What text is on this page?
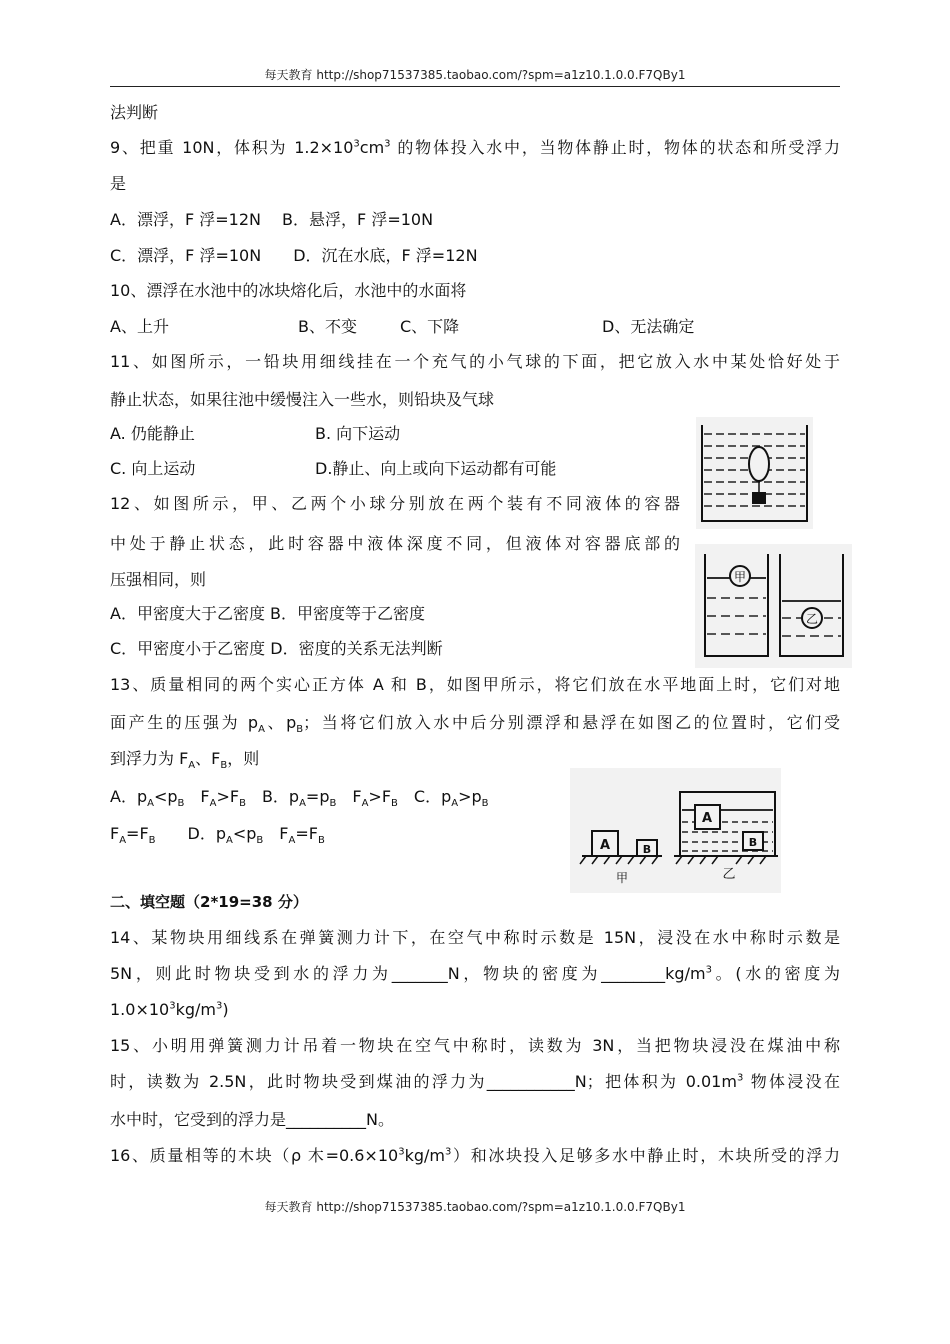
每天教育 http://shop71537385.taobao.com/?spm=a1z10.1.0.0.F7QBy1
法判断
9、把重 10N，体积为 $1.2\times 10^3cm^3$ 的物体投入水中，当物体静止时，物体的状态和所受浮力
是
A．漂浮，F 浮=12N　 B．悬浮，F 浮=10N
C．漂浮，F 浮=10N　　D．沉在水底，F 浮=12N
10、漂浮在水池中的冰块熔化后，水池中的水面将
A、上升	B、不变	C、下降	D、无法确定
11、如图所示，一铅块用细线挂在一个充气的小气球的下面，把它放入水中某处恰好处于
静止状态，如果往池中缓慢注入一些水，则铅块及气球
A. 仍能静止	B. 向下运动
C. 向上运动	D.静止、向上或向下运动都有可能
12、如图所示，甲、乙两个小球分别放在两个装有不同液体的容器
中处于静止状态，此时容器中液体深度不同，但液体对容器底部的
压强相同，则
A．甲密度大于乙密度 B．甲密度等于乙密度
C．甲密度小于乙密度 D．密度的关系无法判断
甲
乙
13、质量相同的两个实心正方体 A 和 B，如图甲所示，将它们放在水平地面上时，它们对地
面产生的压强为 $p_A$、$p_B$；当将它们放入水中后分别漂浮和悬浮在如图乙的位置时，它们受
到浮力为 $F_A$、$F_B$，则
A．$p_A<p_B$　$F_A>F_B$　B．$p_A=p_B$　$F_A>F_B$　C．$p_A>p_B$
$F_A=F_B$　　D．$p_A<p_B$　$F_A=F_B$	A	B
甲
A
B
乙
二、填空题（2*19=38 分）
14、某物块用细线系在弹簧测力计下，在空气中称时示数是 15N，浸没在水中称时示数是
5N，则此时物块受到水的浮力为_______N，物块的密度为$\_\_\_\_\_\_\_\_kg/m^3$。(水的密度为
$1.0\times 10^3kg/m^3$)
15、小明用弹簧测力计吊着一物块在空气中称时，读数为 3N，当把物块浸没在煤油中称
时，读数为 2.5N，此时物块受到煤油的浮力为___________N；把体积为 $0.01m^3$ 物体浸没在
水中时，它受到的浮力是__________N。
16、质量相等的木块（ρ 木$=0.6\times 10^3kg/m^3$）和冰块投入足够多水中静止时，木块所受的浮力
每天教育 http://shop71537385.taobao.com/?spm=a1z10.1.0.0.F7QBy1
